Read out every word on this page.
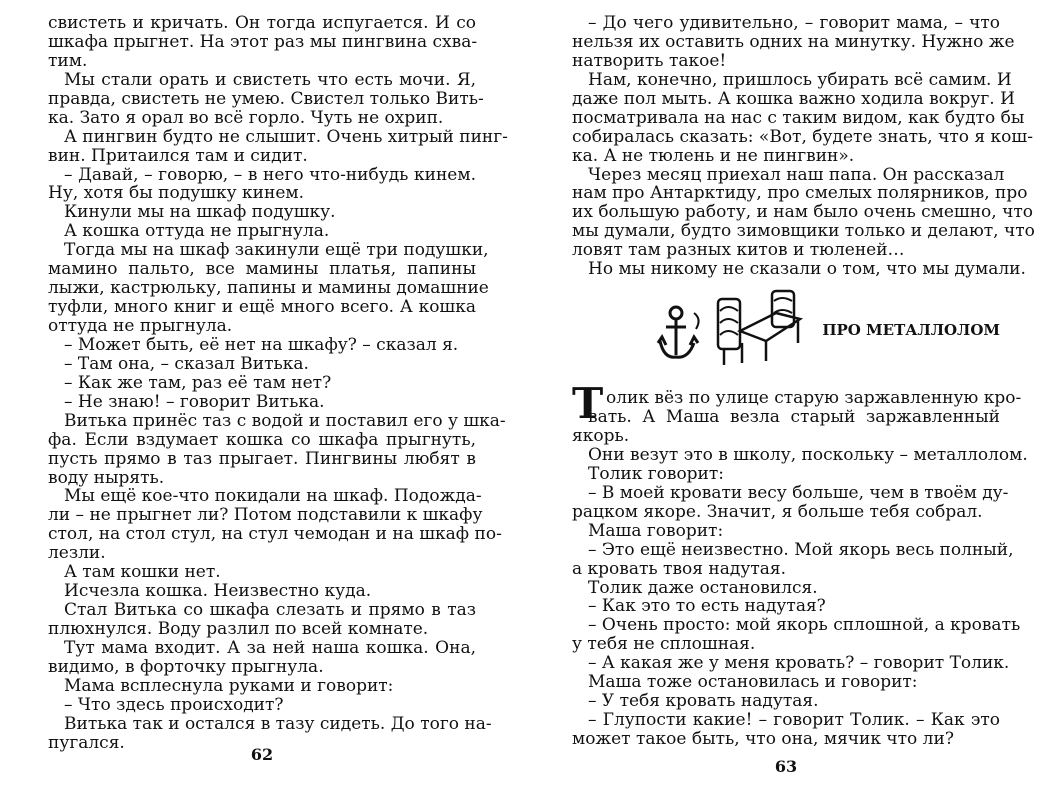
свистеть и кричать. Он тогда испугается. И со
шкафа прыгнет. На этот раз мы пингвина схва-
тим.
Мы стали орать и свистеть что есть мочи. Я,
правда, свистеть не умею. Свистел только Вить-
ка. Зато я орал во всё горло. Чуть не охрип.
А пингвин будто не слышит. Очень хитрый пинг-
вин. Притаился там и сидит.
– Давай, – говорю, – в него что-нибудь кинем.
Ну, хотя бы подушку кинем.
Кинули мы на шкаф подушку.
А кошка оттуда не прыгнула.
Тогда мы на шкаф закинули ещё три подушки,
мамино пальто, все мамины платья, папины
лыжи, кастрюльку, папины и мамины домашние
туфли, много книг и ещё много всего. А кошка
оттуда не прыгнула.
– Может быть, её нет на шкафу? – сказал я.
– Там она, – сказал Витька.
– Как же там, раз её там нет?
– Не знаю! – говорит Витька.
Витька принёс таз с водой и поставил его у шка-
фа. Если вздумает кошка со шкафа прыгнуть,
пусть прямо в таз прыгает. Пингвины любят в
воду нырять.
Мы ещё кое-что покидали на шкаф. Подожда-
ли – не прыгнет ли? Потом подставили к шкафу
стол, на стол стул, на стул чемодан и на шкаф по-
лезли.
А там кошки нет.
Исчезла кошка. Неизвестно куда.
Стал Витька со шкафа слезать и прямо в таз
плюхнулся. Воду разлил по всей комнате.
Тут мама входит. А за ней наша кошка. Она,
видимо, в форточку прыгнула.
Мама всплеснула руками и говорит:
– Что здесь происходит?
Витька так и остался в тазу сидеть. До того на-
пугался.
62
– До чего удивительно, – говорит мама, – что
нельзя их оставить одних на минутку. Нужно же
натворить такое!
Нам, конечно, пришлось убирать всё самим. И
даже пол мыть. А кошка важно ходила вокруг. И
посматривала на нас с таким видом, как будто бы
собиралась сказать: «Вот, будете знать, что я кош-
ка. А не тюлень и не пингвин».
Через месяц приехал наш папа. Он рассказал
нам про Антарктиду, про смелых полярников, про
их большую работу, и нам было очень смешно, что
мы думали, будто зимовщики только и делают, что
ловят там разных китов и тюленей…
Но мы никому не сказали о том, что мы думали.
ПРО МЕТАЛЛОЛОМ
Т олик вёз по улице старую заржавленную кро-
вать. А Маша везла старый заржавленный
якорь.
Они везут это в школу, поскольку – металлолом.
Толик говорит:
– В моей кровати весу больше, чем в твоём ду-
рацком якоре. Значит, я больше тебя собрал.
Маша говорит:
– Это ещё неизвестно. Мой якорь весь полный,
а кровать твоя надутая.
Толик даже остановился.
– Как это то есть надутая?
– Очень просто: мой якорь сплошной, а кровать
у тебя не сплошная.
– А какая же у меня кровать? – говорит Толик.
Маша тоже остановилась и говорит:
– У тебя кровать надутая.
– Глупости какие! – говорит Толик. – Как это
может такое быть, что она, мячик что ли?
63
